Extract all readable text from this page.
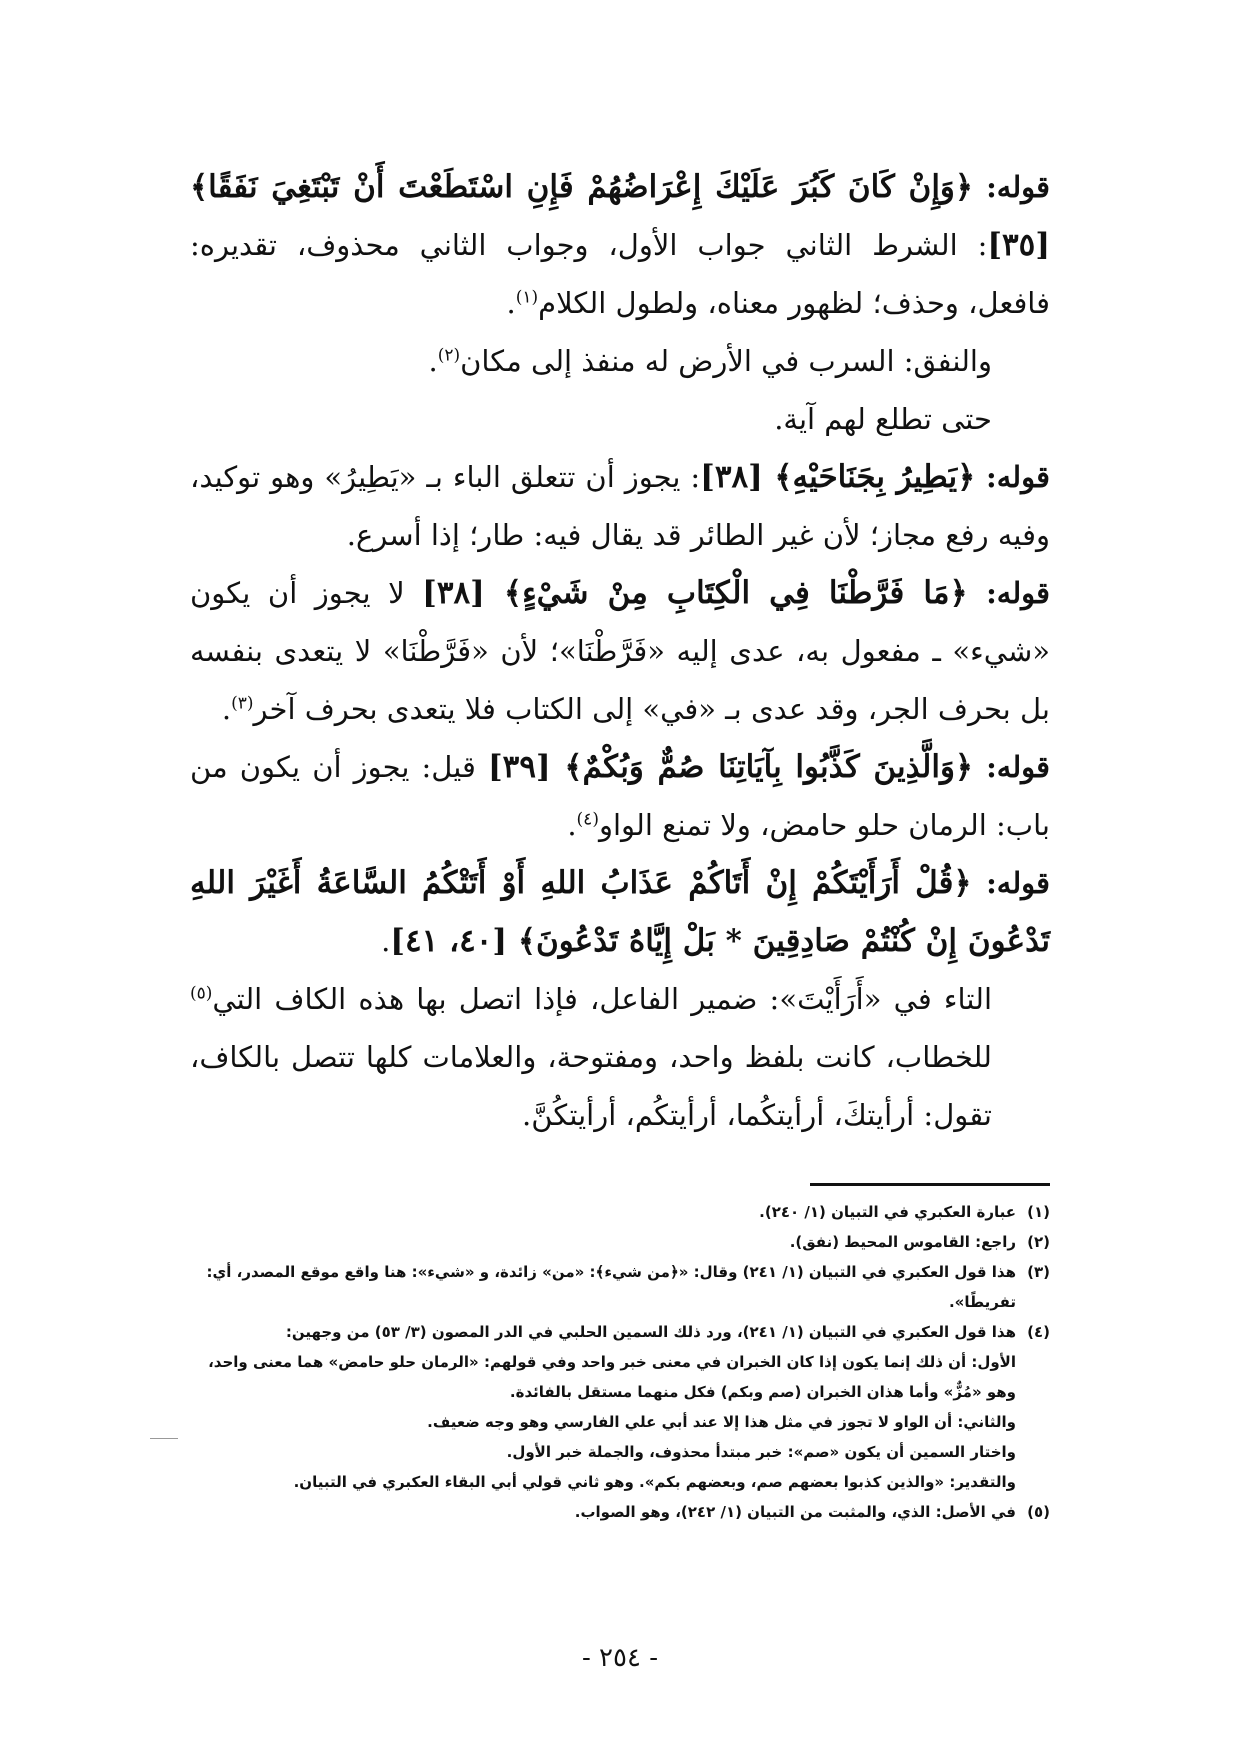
قوله: ﴿وَإِنْ كَانَ كَبُرَ عَلَيْكَ إِعْرَاضُهُمْ فَإِنِ اسْتَطَعْتَ أَنْ تَبْتَغِيَ نَفَقًا﴾ [٣٥]: الشرط الثاني جواب الأول، وجواب الثاني محذوف، تقديره: فافعل، وحذف؛ لظهور معناه، ولطول الكلام$^{(١)}$.

والنفق: السرب في الأرض له منفذ إلى مكان$^{(٢)}$.

حتى تطلع لهم آية.

قوله: ﴿يَطِيرُ بِجَنَاحَيْهِ﴾ [٣٨]: يجوز أن تتعلق الباء بـ «يَطِيرُ» وهو توكيد، وفيه رفع مجاز؛ لأن غير الطائر قد يقال فيه: طار؛ إذا أسرع.

قوله: ﴿مَا فَرَّطْنَا فِي الْكِتَابِ مِنْ شَيْءٍ﴾ [٣٨] لا يجوز أن يكون «شيء» ـ مفعول به، عدى إليه «فَرَّطْنَا»؛ لأن «فَرَّطْنَا» لا يتعدى بنفسه بل بحرف الجر، وقد عدى بـ «في» إلى الكتاب فلا يتعدى بحرف آخر$^{(٣)}$.

قوله: ﴿وَالَّذِينَ كَذَّبُوا بِآيَاتِنَا صُمٌّ وَبُكْمٌ﴾ [٣٩] قيل: يجوز أن يكون من باب: الرمان حلو حامض، ولا تمنع الواو$^{(٤)}$.

قوله: ﴿قُلْ أَرَأَيْتَكُمْ إِنْ أَتَاكُمْ عَذَابُ اللهِ أَوْ أَتَتْكُمُ السَّاعَةُ أَغَيْرَ اللهِ تَدْعُونَ إِنْ كُنْتُمْ صَادِقِينَ * بَلْ إِيَّاهُ تَدْعُونَ﴾ [٤٠، ٤١].

التاء في «أَرَأَيْتَ»: ضمير الفاعل، فإذا اتصل بها هذه الكاف التي$^{(٥)}$ للخطاب، كانت بلفظ واحد، ومفتوحة، والعلامات كلها تتصل بالكاف، تقول: أرأيتكَ، أرأيتكُما، أرأيتكُم، أرأيتكُنَّ.

(١)عبارة العكبري في التبيان (١/ ٢٤٠).

(٢)راجع: القاموس المحيط (نفق).

(٣)هذا قول العكبري في التبيان (١/ ٢٤١) وقال: «﴿من شيء﴾: «من» زائدة، و «شيء»: هنا واقع موقع المصدر، أي: تفريطًا».

(٤)هذا قول العكبري في التبيان (١/ ٢٤١)، ورد ذلك السمين الحلبي في الدر المصون (٣/ ٥٣) من وجهين:

الأول: أن ذلك إنما يكون إذا كان الخبران في معنى خبر واحد وفي قولهم: «الرمان حلو حامض» هما معنى واحد، وهو «مُزٌّ» وأما هذان الخبران (صم وبكم) فكل منهما مستقل بالفائدة.

والثاني: أن الواو لا تجوز في مثل هذا إلا عند أبي علي الفارسي وهو وجه ضعيف.

واختار السمين أن يكون «صم»: خبر مبتدأ محذوف، والجملة خبر الأول.

والتقدير: «والذين كذبوا بعضهم صم، وبعضهم بكم». وهو ثاني قولي أبي البقاء العكبري في التبيان.

(٥)في الأصل: الذي، والمثبت من التبيان (١/ ٢٤٢)، وهو الصواب.

- ٢٥٤ -
